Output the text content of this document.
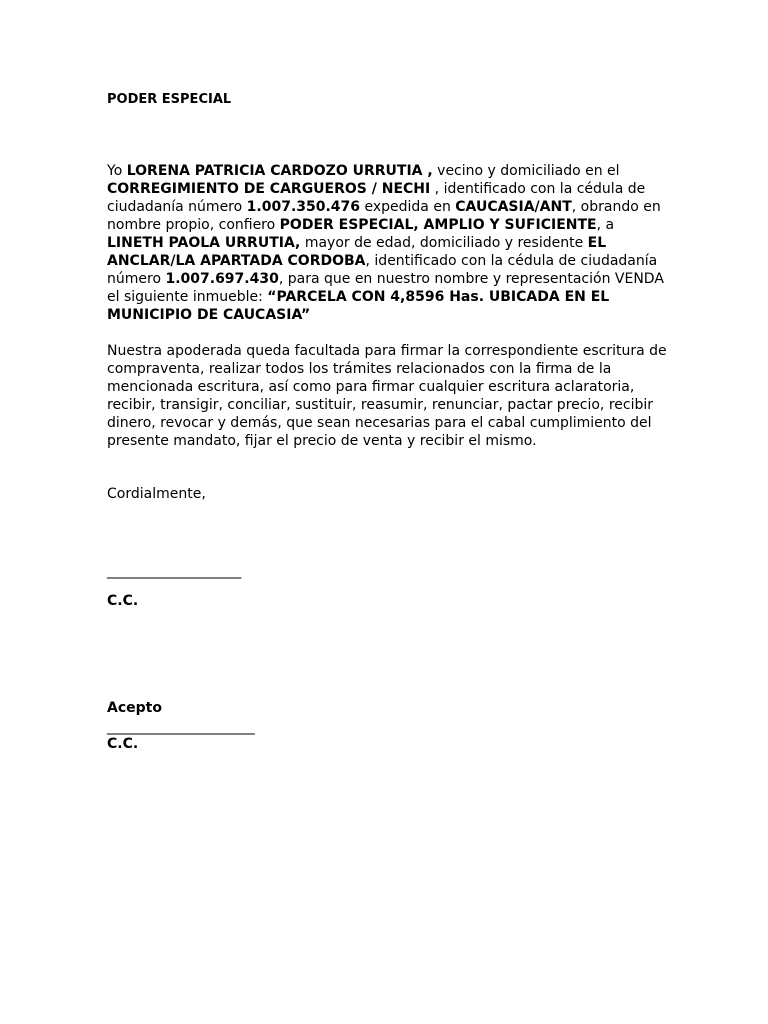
PODER ESPECIAL
Yo LORENA PATRICIA CARDOZO URRUTIA , vecino y domiciliado en el CORREGIMIENTO DE CARGUEROS / NECHI , identificado con la cédula de ciudadanía número 1.007.350.476 expedida en CAUCASIA/ANT, obrando en nombre propio, confiero PODER ESPECIAL, AMPLIO Y SUFICIENTE, a LINETH PAOLA URRUTIA, mayor de edad, domiciliado y residente EL ANCLAR/LA APARTADA CORDOBA, identificado con la cédula de ciudadanía número 1.007.697.430, para que en nuestro nombre y representación VENDA el siguiente inmueble: “PARCELA CON 4,8596 Has. UBICADA EN EL MUNICIPIO DE CAUCASIA”
Nuestra apoderada queda facultada para firmar la correspondiente escritura de compraventa, realizar todos los trámites relacionados con la firma de la mencionada escritura, así como para firmar cualquier escritura aclaratoria, recibir, transigir, conciliar, sustituir, reasumir, renunciar, pactar precio, recibir dinero, revocar y demás, que sean necesarias para el cabal cumplimiento del presente mandato, fijar el precio de venta y recibir el mismo.
Cordialmente,
____________________
C.C.
Acepto
______________________
C.C.
